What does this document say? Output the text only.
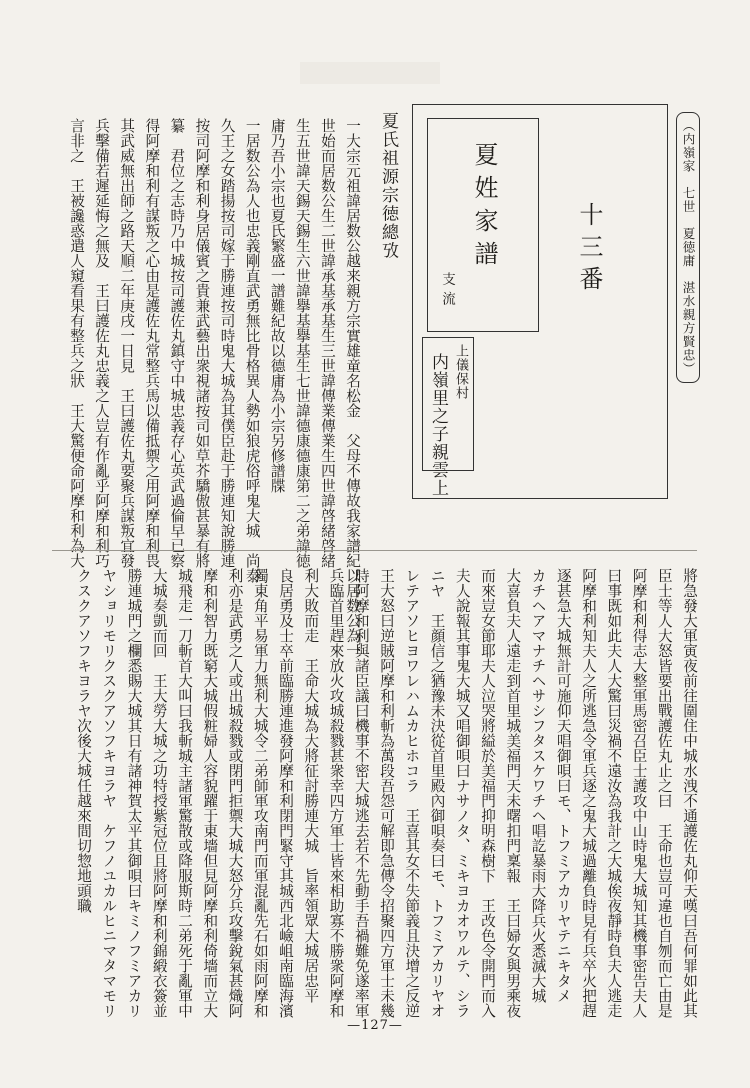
（内嶺家　七世　夏徳庸　湛水親方賢忠）
十三番
夏姓家譜
支流
上儀保村
内嶺里之子親雲上
夏氏祖源宗徳總攷
一大宗元祖諱居数公越来親方宗實雄童名松金　父母不傳故我家譜紀以居数公為一
世始而居数公生二世諱承基承基生三世諱傳業傳業生四世諱啓緒啓緒
生五世諱天錫天錫生六世諱擧基擧基生七世諱德康德康第二之弟諱徳
庸乃吾小宗也夏氏繁盛一譜難紀故以德庸為小宗另修譜牒
一居数公為人也忠義剛直武勇無比骨格異人勢如狼虎俗呼鬼大城　尚泰
久王之女踏揚按司嫁于勝連按司時鬼大城為其僕臣赴于勝連知說勝連
按司阿摩和利身居儀賓之貴兼武藝出衆視諸按司如草芥驕傲甚暴有將
纂　君位之志時乃中城按司護佐丸鎮守中城忠義存心英武過倫早已察
得阿摩和利有謀叛之心由是護佐丸常整兵馬以備抵禦之用阿摩和利畏
其武威無出師之路天順二年庚戌一日見　王曰護佐丸要聚兵謀叛宜發
兵擊備若遲延悔之無及　王曰護佐丸忠義之人豈有作亂乎阿摩和利巧
言非之　王被讒惑遣人窺看果有整兵之狀　王大驚便命阿摩和利為大
將急發大軍寅夜前往圍住中城水洩不通護佐丸仰天嘆曰吾何罪如此其
臣士等人大怒皆要出戰護佐丸止之曰　王命也豈可違也自刎而亡由是
阿摩和利得志大整軍馬密召臣士護攻中山時鬼大城知其機事密告夫人
曰事既如此夫人大驚曰災禍不遠汝為我計之大城俟夜靜時負夫人逃走
阿摩和利知夫人之所逃急令軍兵逐之鬼大城過離負時見有兵卒火把趕
逐甚急大城無計可施仰天唱御唄曰モ、トフミアカリヤテニキタメ
カチヘアマナチヘサシフタスケワチヘ唱訖暴雨大降兵火悉滅大城
大喜負夫人遠走到首里城美福門天未曙扣門稟報　王曰婦女與男乘夜
而來豈女節耶夫人泣哭將縊於美福門抑明森樹下　王改色令開門而入
夫人說報其事鬼大城又唱御唄曰ナサノタ、ミキヨカオワルテ、シラ
ニヤ　王顔信之猶豫未決從首里殿內御唄奏曰モ、トフミアカリヤオ
レテアソヒヨワレハムカヒホコラ　王喜其女不失節義且決增之反逆
王大怒曰逆賊阿摩和利斬為萬段吾怨可解即急傳令招聚四方軍士未幾
時阿摩和利與諸臣議曰機事不密大城逃去若不先動手吾禍難免遂率軍
兵臨首里趕來放火攻城殺戮甚衆幸四方軍士皆來相助寡不勝衆阿摩和
利大敗而走　王命大城為大將征討勝連大城　旨率領眾大城居忠平
良居勇及士卒前臨勝連進發阿摩和利閉門緊守其城西北嶮岨南臨海濱
獨東角平易軍力無利大城令二弟師軍攻南門而軍混亂先石如雨阿摩和
利亦是武勇之人或出城殺戮或閉門拒禦大城大怒分兵攻擊銳氣甚熾阿
摩和利智力既窮大城假粧婦人容貌躍于東墻但見阿摩和利倚墻而立大
城飛走一刀斬首大叫曰我斬城主諸軍驚散或降服斯時二弟死于亂軍中
大城奏凱而回　王大勞大城之功特授紫冠位且將阿摩和利錦緞衣簽並
勝連城門之欄悉賜大城其日有諸神賀太平其御唄曰キミノフミアカリ
ヤショリモリクスクアソフキヨラヤ　ケフノユカルヒニマタマモリ
クスクアソフキヨラヤ次後大城任越來間切惣地頭職
—127—
